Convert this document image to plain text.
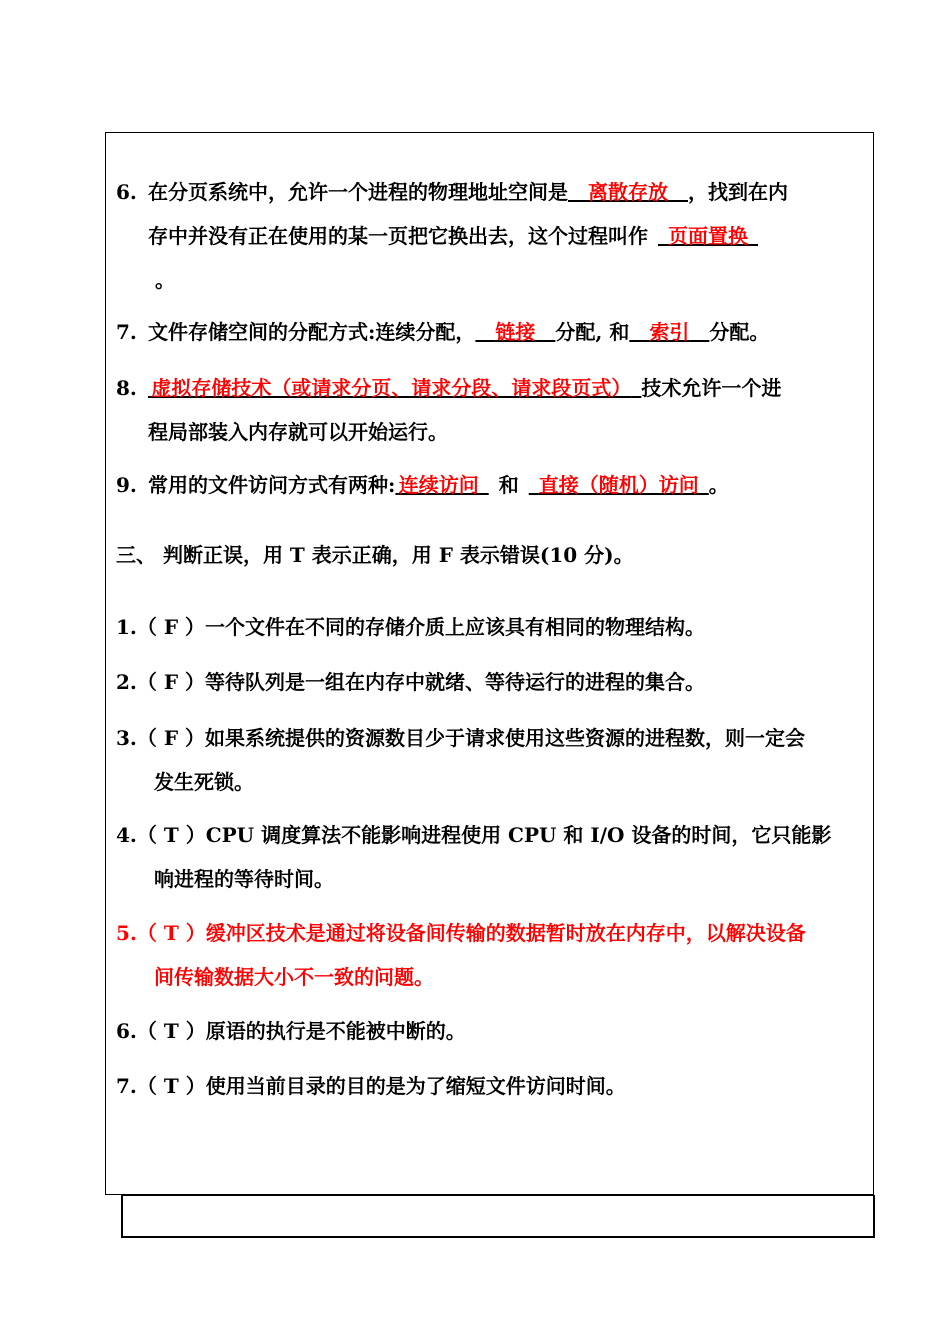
6. 在分页系统中，允许一个进程的物理地址空间是   离散存放   ，找到在内
存中并没有正在使用的某一页把它换出去，这个过程叫作   页面置换 
。
7. 文件存储空间的分配方式:连续分配，   链接   分配, 和   索引   分配。
8.  虚拟存储技术（或请求分页、请求分段、请求段页式）  技术允许一个进
程局部装入内存就可以开始运行。
9. 常用的文件访问方式有两种:  连续访问   和   直接（随机）访问  。
三、 判断正误，用 T 表示正确，用 F 表示错误(10 分)。
1.（ F ）一个文件在不同的存储介质上应该具有相同的物理结构。
2.（ F ）等待队列是一组在内存中就绪、等待运行的进程的集合。
3.（ F ）如果系统提供的资源数目少于请求使用这些资源的进程数，则一定会
发生死锁。
4.（ T ）CPU 调度算法不能影响进程使用 CPU 和 I/O 设备的时间，它只能影
响进程的等待时间。
5.（ T ）缓冲区技术是通过将设备间传输的数据暂时放在内存中，以解决设备
间传输数据大小不一致的问题。
6.（ T ）原语的执行是不能被中断的。
7.（ T ）使用当前目录的目的是为了缩短文件访问时间。
